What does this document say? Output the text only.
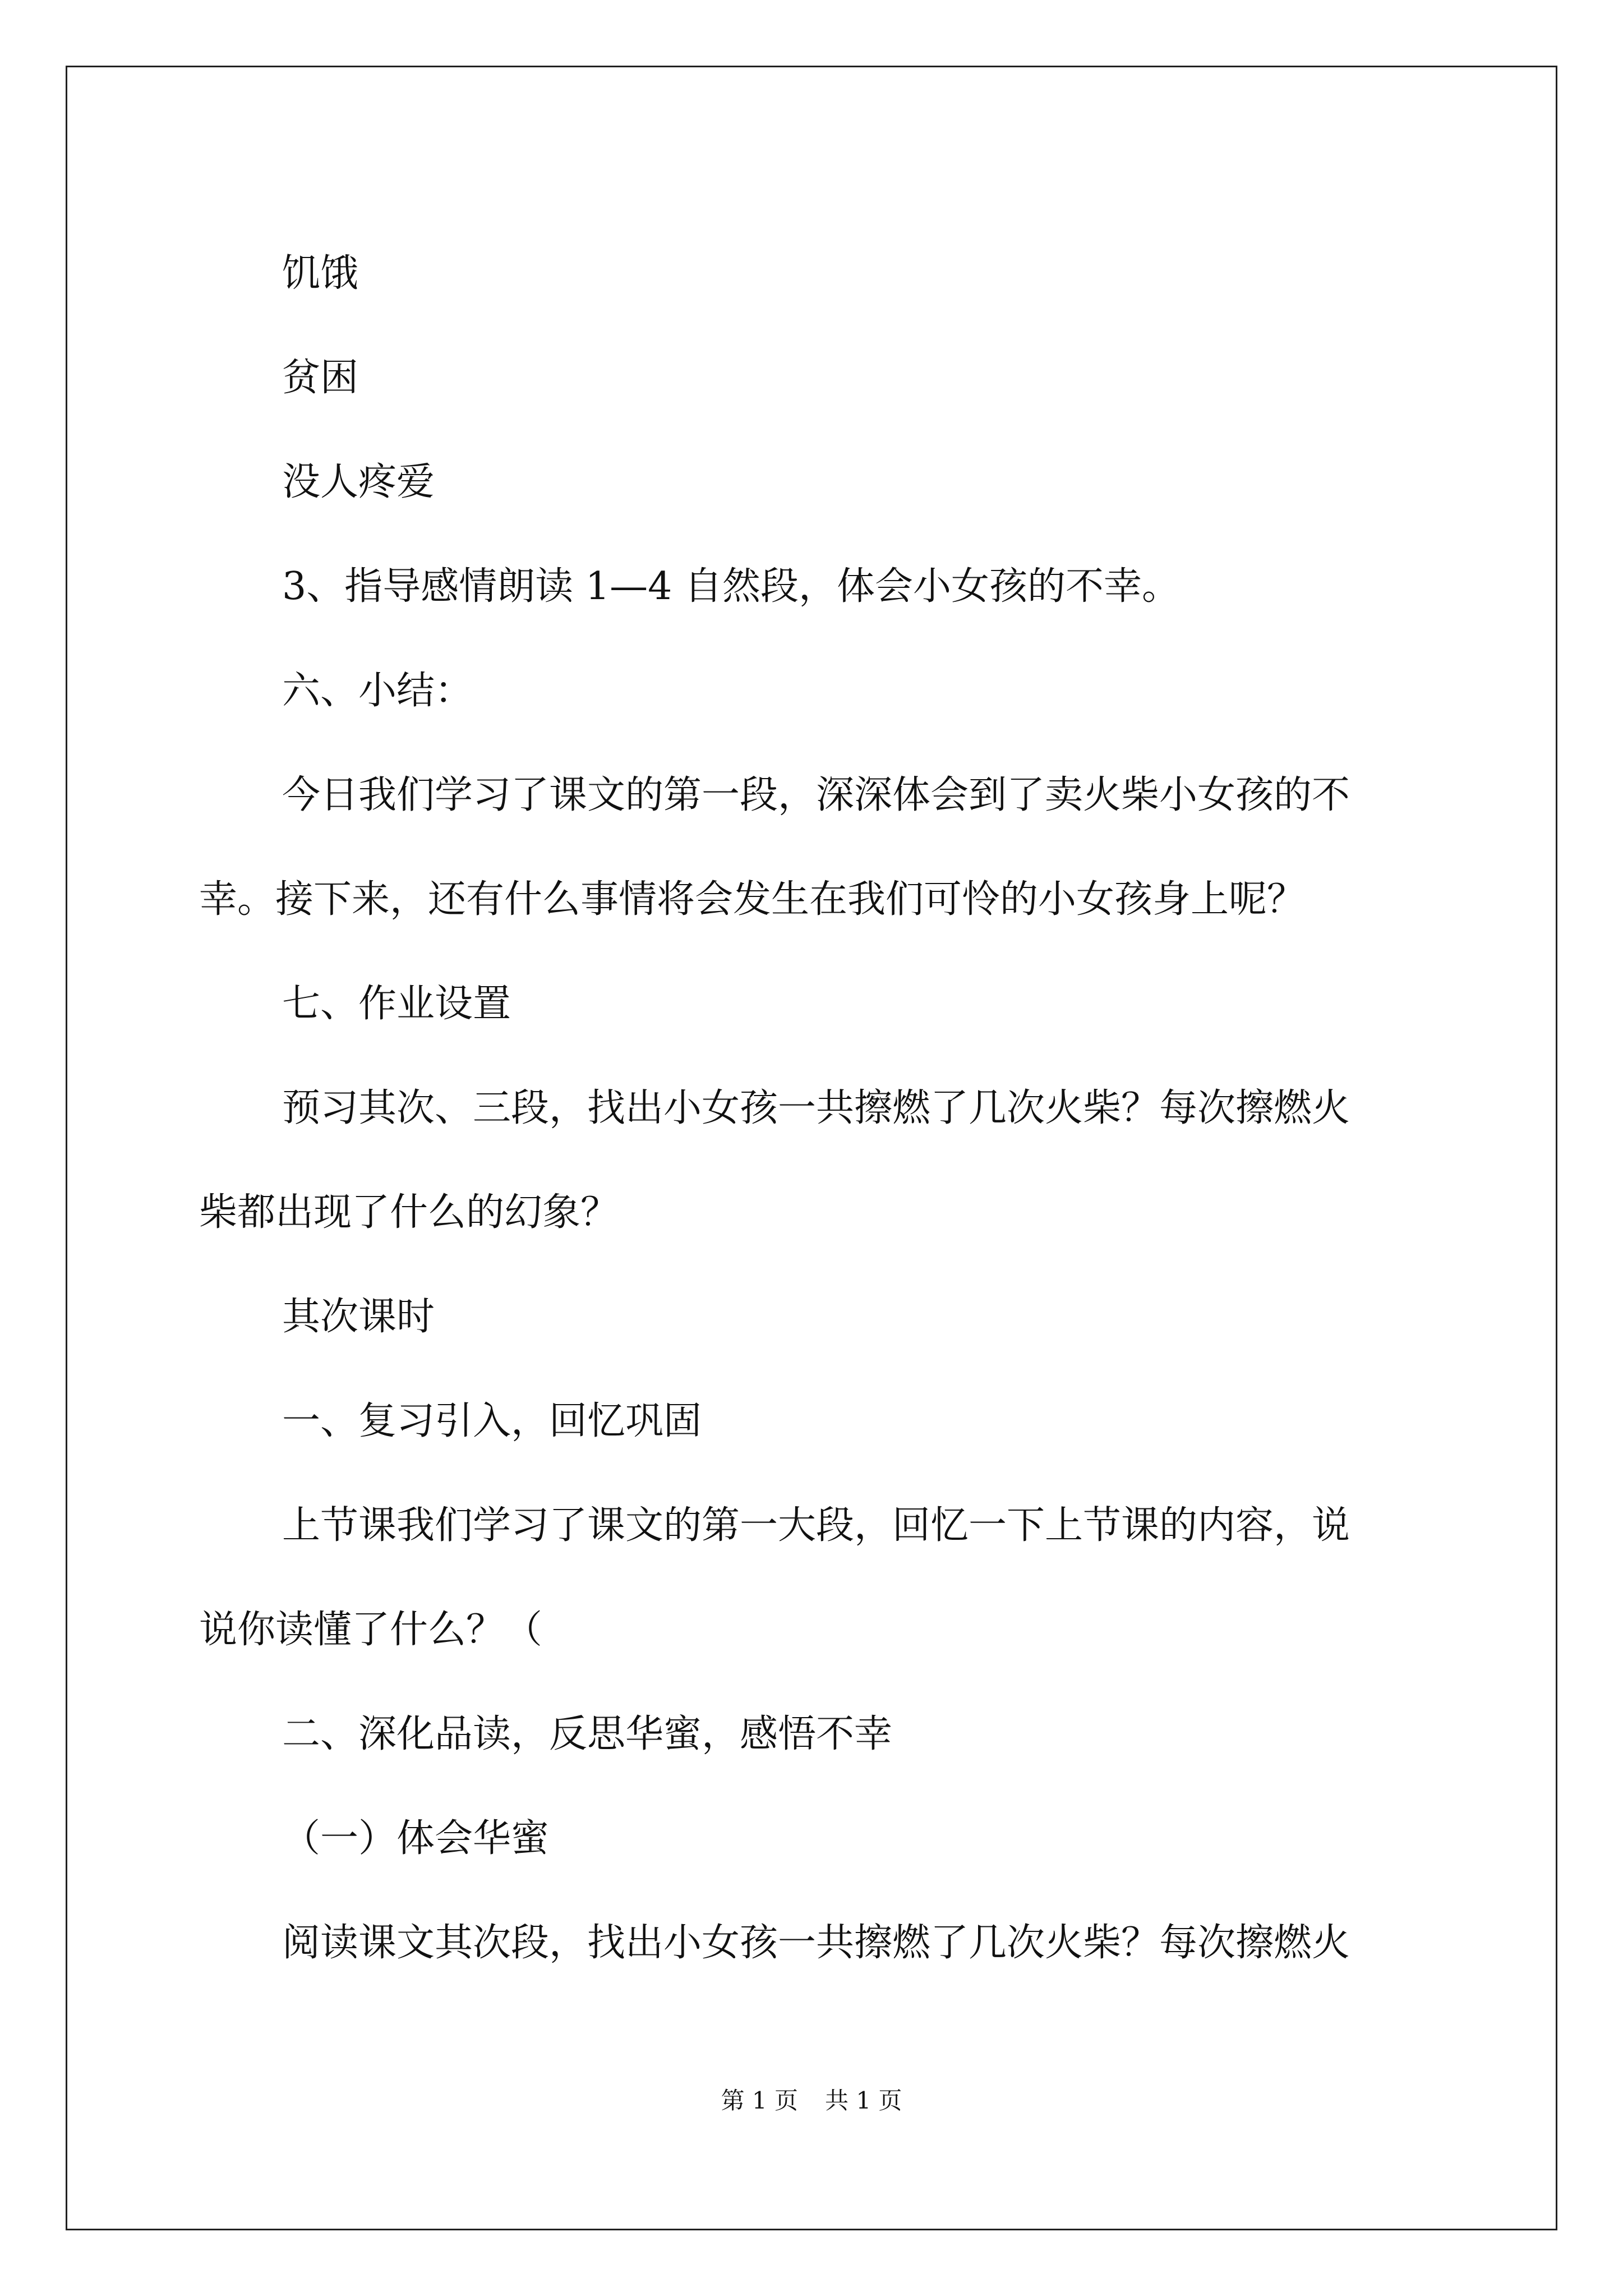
饥饿

贫困

没人疼爱

3、指导感情朗读 1—4 自然段，体会小女孩的不幸。

六、小结：

今日我们学习了课文的第一段，深深体会到了卖火柴小女孩的不

幸。接下来，还有什么事情将会发生在我们可怜的小女孩身上呢？

七、作业设置

预习其次、三段，找出小女孩一共擦燃了几次火柴？每次擦燃火

柴都出现了什么的幻象？

其次课时

一、复习引入，回忆巩固

上节课我们学习了课文的第一大段，回忆一下上节课的内容，说

说你读懂了什么？（

二、深化品读，反思华蜜，感悟不幸

（一）体会华蜜

阅读课文其次段，找出小女孩一共擦燃了几次火柴？每次擦燃火

第 1 页 共 1 页
